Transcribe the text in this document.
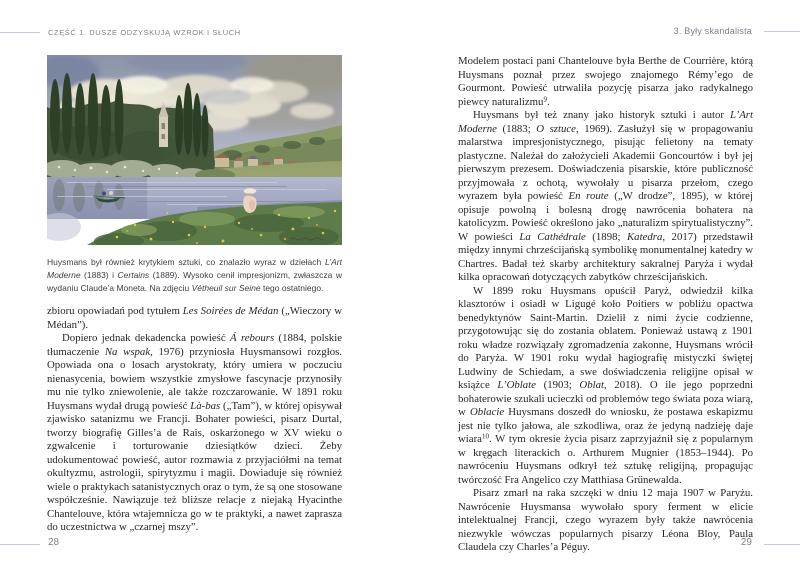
CZĘŚĆ 1. DUSZE ODZYSKUJĄ WZROK I SŁUCH	3. Były skandalista
Huysmans był również krytykiem sztuki, co znalazło wyraz w dziełach L’Art Moderne (1883) i Certains (1889). Wysoko cenił impresjonizm, zwłaszcza w wydaniu Claude’a Moneta. Na zdjęciu Vétheuil sur Seine tego ostatniego.

zbioru opowiadań pod tytułem Les Soirées de Médan („Wieczory w Médan”).

Dopiero jednak dekadencka powieść Á rebours (1884, polskie tłumaczenie Na wspak, 1976) przyniosła Huysmansowi rozgłos. Opowiada ona o losach arystokraty, który umiera w poczuciu nienasycenia, bowiem wszystkie zmysłowe fascynacje przynosiły mu nie tylko zniewolenie, ale także rozczarowanie. W 1891 roku Huysmans wydał drugą powieść Là-bas („Tam”), w której opisywał zjawisko satanizmu we Francji. Bohater powieści, pisarz Durtal, tworzy biografię Gilles’a de Rais, oskarżonego w XV wieku o zgwałcenie i torturowanie dziesiątków dzieci. Żeby udokumentować powieść, autor rozmawia z przyjaciółmi na temat okultyzmu, astrologii, spirytyzmu i magii. Dowiaduje się również wiele o praktykach satanistycznych oraz o tym, że są one stosowane współcześnie. Nawiązuje też bliższe relacje z niejaką Hyacinthe Chantelouve, która wtajemnicza go w te praktyki, a nawet zaprasza do uczestnictwa w „czarnej mszy”.

Modelem postaci pani Chantelouve była Berthe de Courrière, którą Huysmans poznał przez swojego znajomego Rémy’ego de Gourmont. Powieść utrwaliła pozycję pisarza jako radykalnego piewcy naturalizmu$^9$.

Huysmans był też znany jako historyk sztuki i autor L’Art Moderne (1883; O sztuce, 1969). Zasłużył się w propagowaniu malarstwa impresjonistycznego, pisując felietony na tematy plastyczne. Należał do założycieli Akademii Goncourtów i był jej pierwszym prezesem. Doświadczenia pisarskie, które publiczność przyjmowała z ochotą, wywołały u pisarza przełom, czego wyrazem była powieść En route („W drodze”, 1895), w której opisuje powolną i bolesną drogę nawrócenia bohatera na katolicyzm. Powieść określono jako „naturalizm spirytualistyczny”. W powieści La Cathédrale (1898; Katedra, 2017) przedstawił między innymi chrześcijańską symbolikę monumentalnej katedry w Chartres. Badał też skarby architektury sakralnej Paryża i wydał kilka opracowań dotyczących zabytków chrześcijańskich.

W 1899 roku Huysmans opuścił Paryż, odwiedził kilka klasztorów i osiadł w Ligugé koło Poitiers w pobliżu opactwa benedyktynów Saint-Martin. Dzielił z nimi życie codzienne, przygotowując się do zostania oblatem. Ponieważ ustawą z 1901 roku władze rozwiązały zgromadzenia zakonne, Huysmans wrócił do Paryża. W 1901 roku wydał hagiografię mistyczki świętej Ludwiny de Schiedam, a swe doświadczenia religijne opisał w książce L’Oblate (1903; Oblat, 2018). O ile jego poprzedni bohaterowie szukali ucieczki od problemów tego świata poza wiarą, w Oblacie Huysmans doszedł do wniosku, że postawa eskapizmu jest nie tylko jałowa, ale szkodliwa, oraz że jedyną nadzieję daje wiara$^{10}$. W tym okresie życia pisarz zaprzyjaźnił się z popularnym w kręgach literackich o. Arthurem Mugnier (1853–1944). Po nawróceniu Huysmans odkrył też sztukę religijną, propagując twórczość Fra Angelico czy Matthiasa Grünewalda.

Pisarz zmarł na raka szczęki w dniu 12 maja 1907 w Paryżu. Nawrócenie Huysmansa wywołało spory ferment w elicie intelektualnej Francji, czego wyrazem były także nawrócenia niezwykle wówczas popularnych pisarzy Léona Bloy, Paula Claudela czy Charles’a Péguy.

28	29
